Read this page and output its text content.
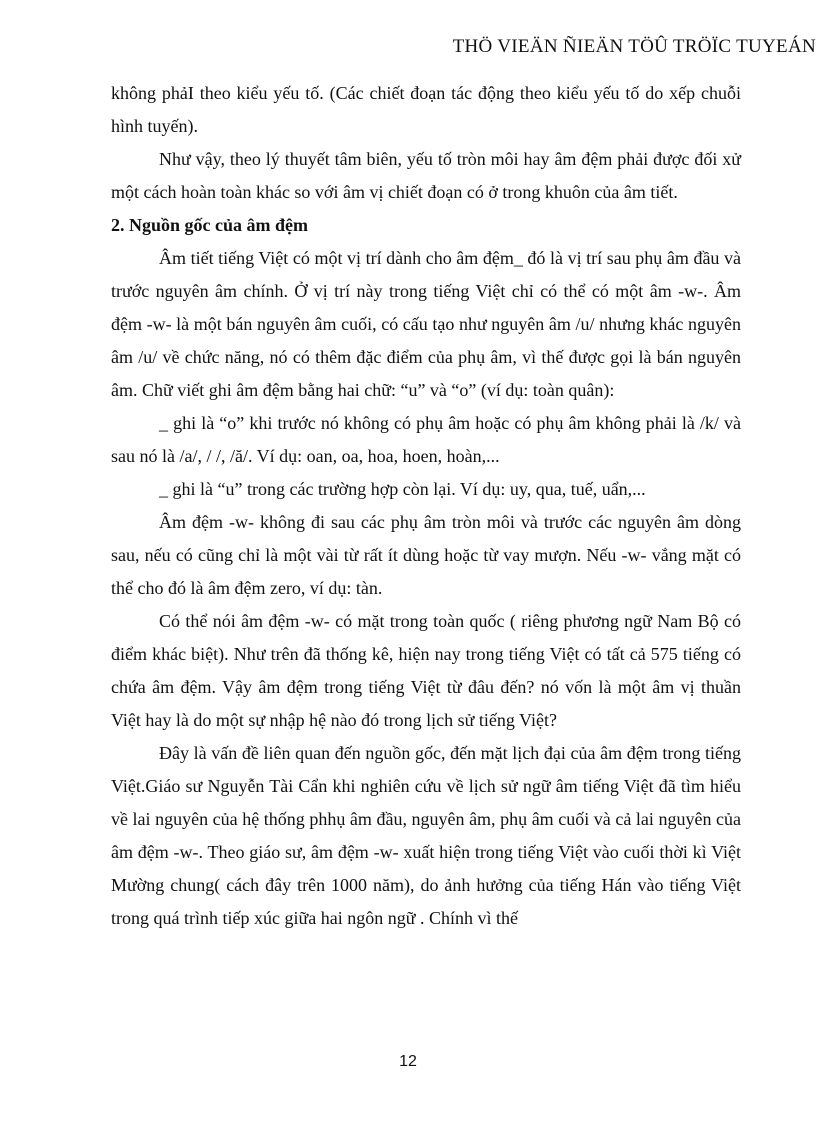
THÖ VIEÄN ÑIEÄN TÖÛ TRÖÏC TUYEÁN

không phảI theo kiểu yếu tố. (Các chiết đoạn tác động theo kiểu yếu tố do xếp chuỗi hình tuyến).

Như vậy, theo lý thuyết tâm biên, yếu tố tròn môi hay âm đệm phải được đối xử một cách hoàn toàn khác so với âm vị chiết đoạn có ở trong khuôn của âm tiết.

2. Nguồn gốc của âm đệm

Âm tiết tiếng Việt có một vị trí dành cho âm đệm_ đó là vị trí sau phụ âm đầu và trước nguyên âm chính. Ở vị trí này trong tiếng Việt chỉ có thể có một âm -w-. Âm đệm -w- là một bán nguyên âm cuối, có cấu tạo như nguyên âm /u/ nhưng khác nguyên âm /u/ về chức năng, nó có thêm đặc điểm của phụ âm, vì thế được gọi là bán nguyên âm. Chữ viết ghi âm đệm bằng hai chữ: “u” và “o” (ví dụ: toàn quân):

_ ghi là “o” khi trước nó không có phụ âm hoặc có phụ âm không phải là /k/ và sau nó là /a/, / /, /ă/. Ví dụ: oan, oa, hoa, hoen, hoàn,...

_ ghi là “u” trong các trường hợp còn lại. Ví dụ: uy, qua, tuế, uẩn,...

Âm đệm -w- không đi sau các phụ âm tròn môi và trước các nguyên âm dòng sau, nếu có cũng chỉ là một vài từ rất ít dùng hoặc từ vay mượn. Nếu -w- vắng mặt có thể cho đó là âm đệm zero, ví dụ: tàn.

Có thể nói âm đệm -w- có mặt trong toàn quốc ( riêng phương ngữ Nam Bộ có điểm khác biệt). Như trên đã thống kê, hiện nay trong tiếng Việt có tất cả 575 tiếng có chứa âm đệm. Vậy âm đệm trong tiếng Việt từ đâu đến? nó vốn là một âm vị thuần Việt hay là do một sự nhập hệ nào đó trong lịch sử tiếng Việt?

Đây là vấn đề liên quan đến nguồn gốc, đến mặt lịch đại của âm đệm trong tiếng Việt.Giáo sư Nguyễn Tài Cẩn khi nghiên cứu về lịch sử ngữ âm tiếng Việt đã tìm hiểu về lai nguyên của hệ thống phhụ âm đầu, nguyên âm, phụ âm cuối và cả lai nguyên của âm đệm -w-. Theo giáo sư, âm đệm -w- xuất hiện trong tiếng Việt vào cuối thời kì Việt Mường chung( cách đây trên 1000 năm), do ảnh hưởng của tiếng Hán vào tiếng Việt trong quá trình tiếp xúc giữa hai ngôn ngữ . Chính vì thế

12
